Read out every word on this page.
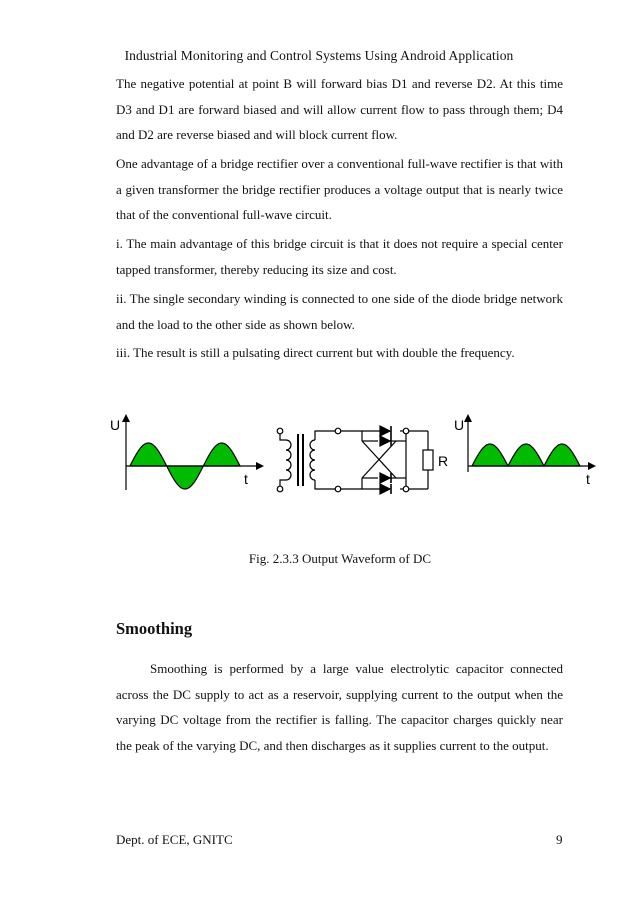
Industrial Monitoring and Control Systems Using Android Application

The negative potential at point B will forward bias D1 and reverse D2. At this time D3 and D1 are forward biased and will allow current flow to pass through them; D4 and D2 are reverse biased and will block current flow.

One advantage of a bridge rectifier over a conventional full-wave rectifier is that with a given transformer the bridge rectifier produces a voltage output that is nearly twice that of the conventional full-wave circuit.

i. The main advantage of this bridge circuit is that it does not require a special center tapped transformer, thereby reducing its size and cost.

ii. The single secondary winding is connected to one side of the diode bridge network and the load to the other side as shown below.

iii. The result is still a pulsating direct current but with double the frequency.

U
t
R
U
t
Fig. 2.3.3 Output Waveform of DC
Smoothing

Smoothing is performed by a large value electrolytic capacitor connected across the DC supply to act as a reservoir, supplying current to the output when the varying DC voltage from the rectifier is falling. The capacitor charges quickly near the peak of the varying DC, and then discharges as it supplies current to the output.

Dept. of ECE, GNITC	9
